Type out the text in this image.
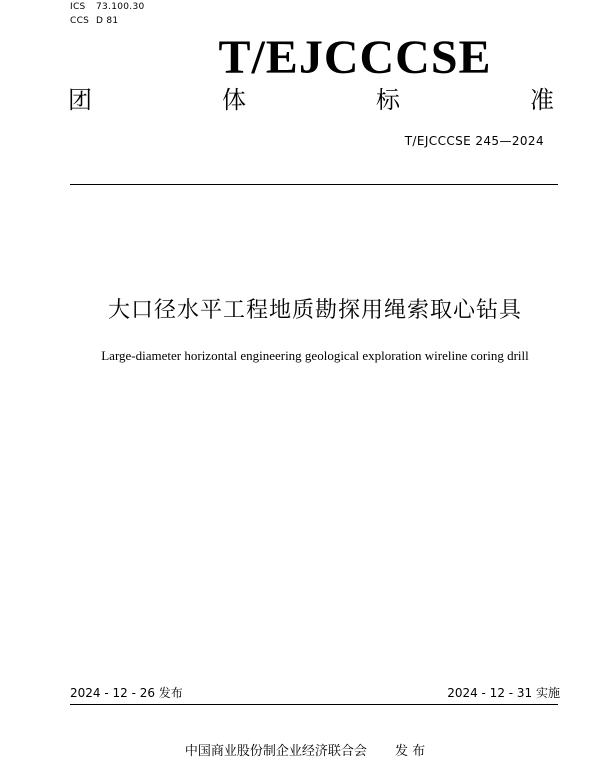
ICS 73.100.30
CCS D 81
T/EJCCCSE
团	体	标	准
T/EJCCCSE 245—2024
大口径水平工程地质勘探用绳索取心钻具
Large-diameter horizontal engineering geological exploration wireline coring drill
2024 - 12 - 26 发布	2024 - 12 - 31 实施
中国商业股份制企业经济联合会 发 布
